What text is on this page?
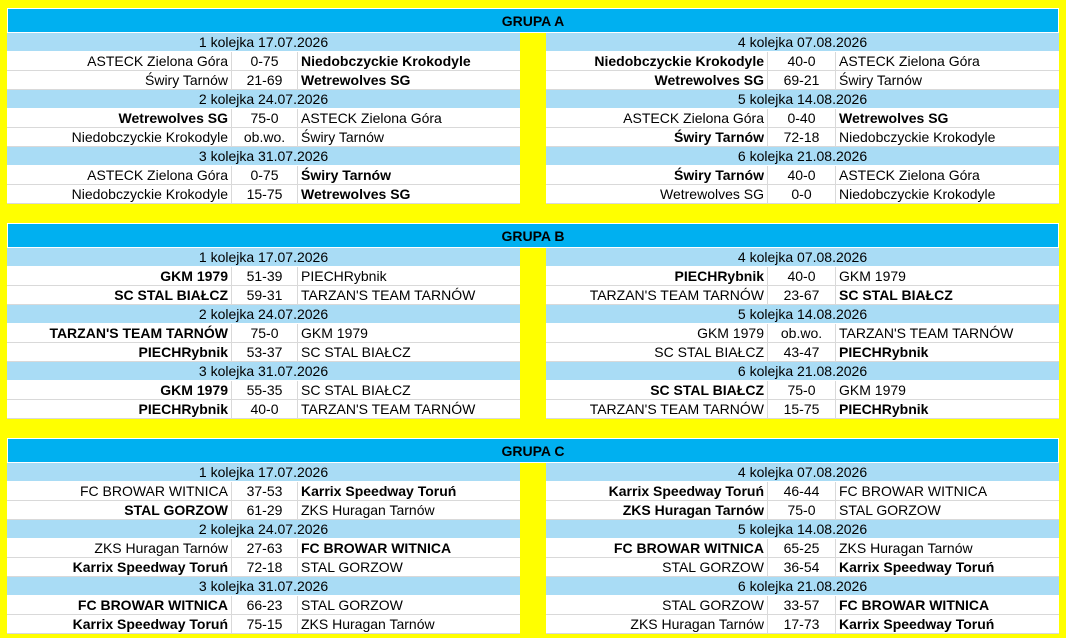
GRUPA A
1 kolejka 17.07.2026
ASTECK Zielona Góra	0-75	Niedobczyckie Krokodyle
Świry Tarnów	21-69	Wetrewolves SG
2 kolejka 24.07.2026
Wetrewolves SG	75-0	ASTECK Zielona Góra
Niedobczyckie Krokodyle	ob.wo.	Świry Tarnów
3 kolejka 31.07.2026
ASTECK Zielona Góra	0-75	Świry Tarnów
Niedobczyckie Krokodyle	15-75	Wetrewolves SG
4 kolejka 07.08.2026
Niedobczyckie Krokodyle	40-0	ASTECK Zielona Góra
Wetrewolves SG	69-21	Świry Tarnów
5 kolejka 14.08.2026
ASTECK Zielona Góra	0-40	Wetrewolves SG
Świry Tarnów	72-18	Niedobczyckie Krokodyle
6 kolejka 21.08.2026
Świry Tarnów	40-0	ASTECK Zielona Góra
Wetrewolves SG	0-0	Niedobczyckie Krokodyle
GRUPA B
1 kolejka 17.07.2026
GKM 1979	51-39	PIECHRybnik
SC STAL BIAŁCZ	59-31	TARZAN'S TEAM TARNÓW
2 kolejka 24.07.2026
TARZAN'S TEAM TARNÓW	75-0	GKM 1979
PIECHRybnik	53-37	SC STAL BIAŁCZ
3 kolejka 31.07.2026
GKM 1979	55-35	SC STAL BIAŁCZ
PIECHRybnik	40-0	TARZAN'S TEAM TARNÓW
4 kolejka 07.08.2026
PIECHRybnik	40-0	GKM 1979
TARZAN'S TEAM TARNÓW	23-67	SC STAL BIAŁCZ
5 kolejka 14.08.2026
GKM 1979	ob.wo.	TARZAN'S TEAM TARNÓW
SC STAL BIAŁCZ	43-47	PIECHRybnik
6 kolejka 21.08.2026
SC STAL BIAŁCZ	75-0	GKM 1979
TARZAN'S TEAM TARNÓW	15-75	PIECHRybnik
GRUPA C
1 kolejka 17.07.2026
FC BROWAR WITNICA	37-53	Karrix Speedway Toruń
STAL GORZOW	61-29	ZKS Huragan Tarnów
2 kolejka 24.07.2026
ZKS Huragan Tarnów	27-63	FC BROWAR WITNICA
Karrix Speedway Toruń	72-18	STAL GORZOW
3 kolejka 31.07.2026
FC BROWAR WITNICA	66-23	STAL GORZOW
Karrix Speedway Toruń	75-15	ZKS Huragan Tarnów
4 kolejka 07.08.2026
Karrix Speedway Toruń	46-44	FC BROWAR WITNICA
ZKS Huragan Tarnów	75-0	STAL GORZOW
5 kolejka 14.08.2026
FC BROWAR WITNICA	65-25	ZKS Huragan Tarnów
STAL GORZOW	36-54	Karrix Speedway Toruń
6 kolejka 21.08.2026
STAL GORZOW	33-57	FC BROWAR WITNICA
ZKS Huragan Tarnów	17-73	Karrix Speedway Toruń
